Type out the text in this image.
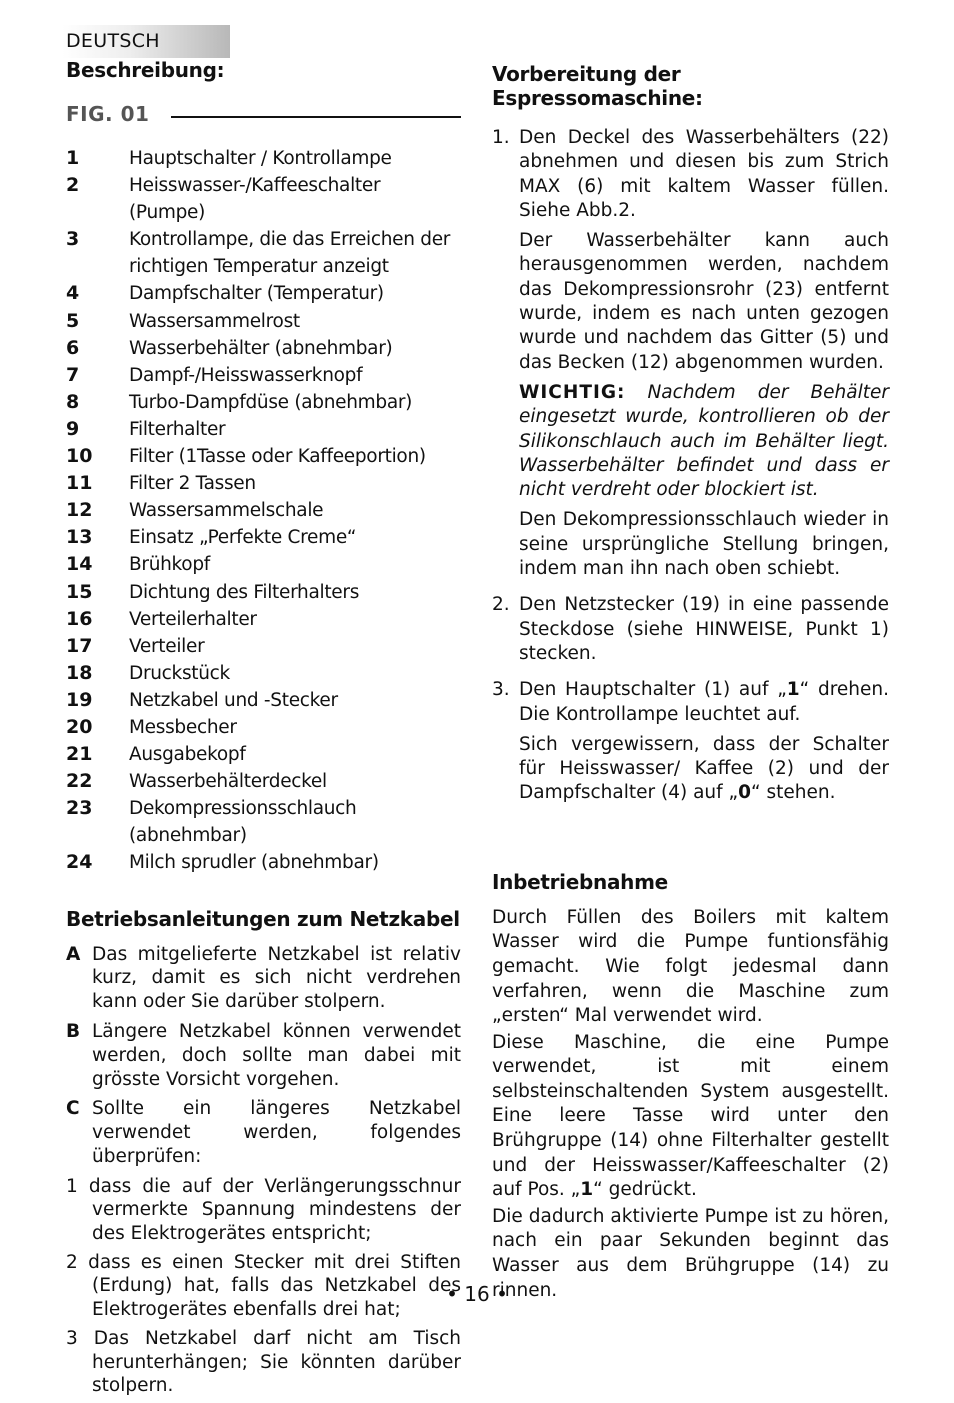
DEUTSCH
Beschreibung:
FIG. 01
1	Hauptschalter / Kontrollampe
2	Heisswasser-/Kaffeeschalter (Pumpe)
3	Kontrollampe, die das Erreichen der richtigen Temperatur anzeigt
4	Dampfschalter (Temperatur)
5	Wassersammelrost
6	Wasserbehälter (abnehmbar)
7	Dampf-/Heisswasserknopf
8	Turbo-Dampfdüse (abnehmbar)
9	Filterhalter
10	Filter (1Tasse oder Kaffeeportion)
11	Filter 2 Tassen
12	Wassersammelschale
13	Einsatz „Perfekte Creme“
14	Brühkopf
15	Dichtung des Filterhalters
16	Verteilerhalter
17	Verteiler
18	Druckstück
19	Netzkabel und -Stecker
20	Messbecher
21	Ausgabekopf
22	Wasserbehälterdeckel
23	Dekompressionsschlauch (abnehmbar)
24	Milch sprudler (abnehmbar)
Betriebsanleitungen zum Netzkabel
A Das mitgelieferte Netzkabel ist relativ kurz, damit es sich nicht verdrehen kann oder Sie darüber stolpern.
B Längere Netzkabel können verwendet werden, doch sollte man dabei mit grösste Vorsicht vorgehen.
C Sollte ein längeres Netzkabel verwendet werden, folgendes überprüfen:
1 dass die auf der Verlängerungsschnur vermerkte Spannung mindestens der des Elektrogerätes entspricht;
2 dass es einen Stecker mit drei Stiften (Erdung) hat, falls das Netzkabel des Elektrogerätes ebenfalls drei hat;
3 Das Netzkabel darf nicht am Tisch herunterhängen; Sie könnten darüber stolpern.
Vorbereitung der Espressomaschine:
1. Den Deckel des Wasserbehälters (22) abnehmen und diesen bis zum Strich MAX (6) mit kaltem Wasser füllen. Siehe Abb.2.

Der Wasserbehälter kann auch herausgenommen werden, nachdem das Dekompressionsrohr (23) entfernt wurde, indem es nach unten gezogen wurde und nachdem das Gitter (5) und das Becken (12) abgenommen wurden.

WICHTIG: Nachdem der Behälter eingesetzt wurde, kontrollieren ob der Silikonschlauch auch im Behälter liegt. Wasserbehälter befindet und dass er nicht verdreht oder blockiert ist.

Den Dekompressionsschlauch wieder in seine ursprüngliche Stellung bringen, indem man ihn nach oben schiebt.

2. Den Netzstecker (19) in eine passende Steckdose (siehe HINWEISE, Punkt 1) stecken.

3. Den Hauptschalter (1) auf „1“ drehen. Die Kontrollampe leuchtet auf.

Sich vergewissern, dass der Schalter für Heisswasser/ Kaffee (2) und der Dampfschalter (4) auf „0“ stehen.

Inbetriebnahme

Durch Füllen des Boilers mit kaltem Wasser wird die Pumpe funtionsfähig gemacht. Wie folgt jedesmal dann verfahren, wenn die Maschine zum „ersten“ Mal verwendet wird.

Diese Maschine, die eine Pumpe verwendet, ist mit einem selbsteinschaltenden System ausgestellt. Eine leere Tasse wird unter den Brühgruppe (14) ohne Filterhalter gestellt und der Heisswasser/Kaffeeschalter (2) auf Pos. „1“ gedrückt.

Die dadurch aktivierte Pumpe ist zu hören, nach ein paar Sekunden beginnt das Wasser aus dem Brühgruppe (14) zu rinnen.

• 16 •
